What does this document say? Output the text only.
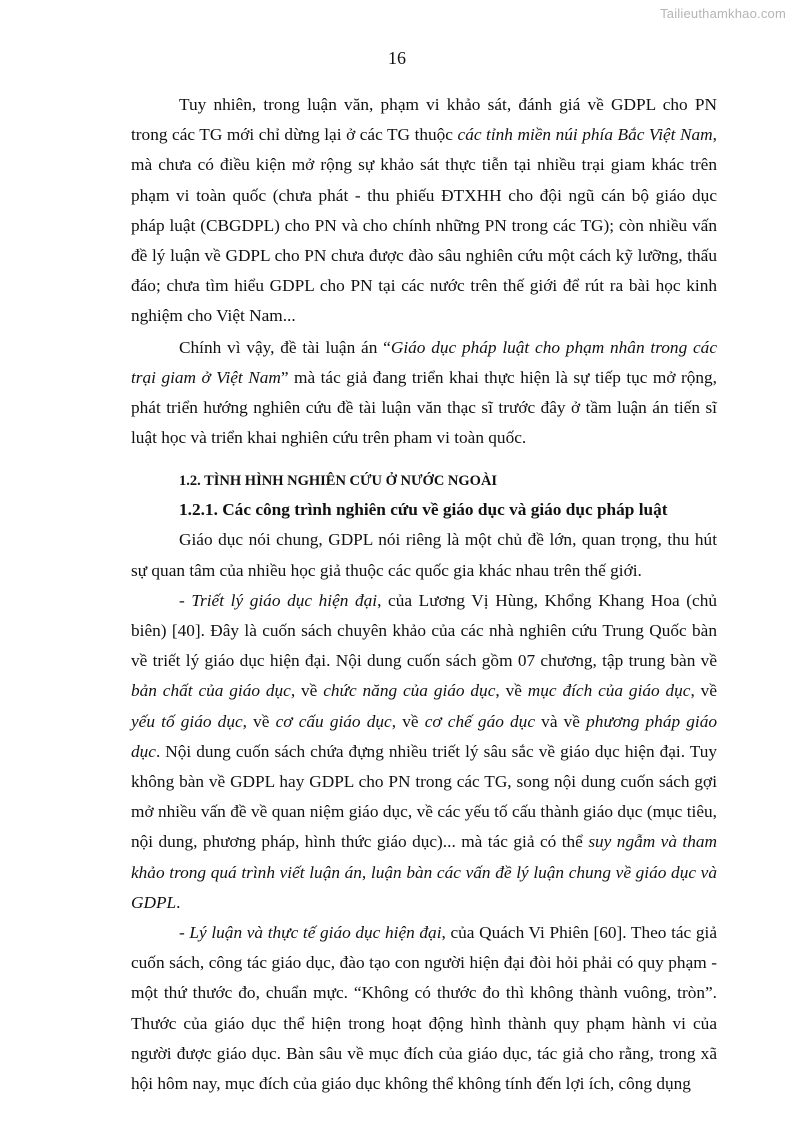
Tailieuthamkhao.com
16

Tuy nhiên, trong luận văn, phạm vi khảo sát, đánh giá về GDPL cho PN trong các TG mới chỉ dừng lại ở các TG thuộc các tỉnh miền núi phía Bắc Việt Nam, mà chưa có điều kiện mở rộng sự khảo sát thực tiễn tại nhiều trại giam khác trên phạm vi toàn quốc (chưa phát - thu phiếu ĐTXHH cho đội ngũ cán bộ giáo dục pháp luật (CBGDPL) cho PN và cho chính những PN trong các TG); còn nhiều vấn đề lý luận về GDPL cho PN chưa được đào sâu nghiên cứu một cách kỹ lưỡng, thấu đáo; chưa tìm hiểu GDPL cho PN tại các nước trên thế giới để rút ra bài học kinh nghiệm cho Việt Nam...

Chính vì vậy, đề tài luận án “Giáo dục pháp luật cho phạm nhân trong các trại giam ở Việt Nam” mà tác giả đang triển khai thực hiện là sự tiếp tục mở rộng, phát triển hướng nghiên cứu đề tài luận văn thạc sĩ trước đây ở tầm luận án tiến sĩ luật học và triển khai nghiên cứu trên pham vi toàn quốc.

1.2. TÌNH HÌNH NGHIÊN CỨU Ở NƯỚC NGOÀI
1.2.1. Các công trình nghiên cứu về giáo dục và giáo dục pháp luật

Giáo dục nói chung, GDPL nói riêng là một chủ đề lớn, quan trọng, thu hút sự quan tâm của nhiều học giả thuộc các quốc gia khác nhau trên thế giới.

- Triết lý giáo dục hiện đại, của Lương Vị Hùng, Khổng Khang Hoa (chủ biên) [40]. Đây là cuốn sách chuyên khảo của các nhà nghiên cứu Trung Quốc bàn về triết lý giáo dục hiện đại. Nội dung cuốn sách gồm 07 chương, tập trung bàn về bản chất của giáo dục, về chức năng của giáo dục, về mục đích của giáo dục, về yếu tố giáo dục, về cơ cấu giáo dục, về cơ chế gáo dục và về phương pháp giáo dục. Nội dung cuốn sách chứa đựng nhiều triết lý sâu sắc về giáo dục hiện đại. Tuy không bàn về GDPL hay GDPL cho PN trong các TG, song nội dung cuốn sách gợi mở nhiều vấn đề về quan niệm giáo dục, về các yếu tố cấu thành giáo dục (mục tiêu, nội dung, phương pháp, hình thức giáo dục)... mà tác giả có thể suy ngẫm và tham khảo trong quá trình viết luận án, luận bàn các vấn đề lý luận chung về giáo dục và GDPL.

- Lý luận và thực tế giáo dục hiện đại, của Quách Vi Phiên [60]. Theo tác giả cuốn sách, công tác giáo dục, đào tạo con người hiện đại đòi hỏi phải có quy phạm - một thứ thước đo, chuẩn mực. “Không có thước đo thì không thành vuông, tròn”. Thước của giáo dục thể hiện trong hoạt động hình thành quy phạm hành vi của người được giáo dục. Bàn sâu về mục đích của giáo dục, tác giả cho rằng, trong xã hội hôm nay, mục đích của giáo dục không thể không tính đến lợi ích, công dụng
